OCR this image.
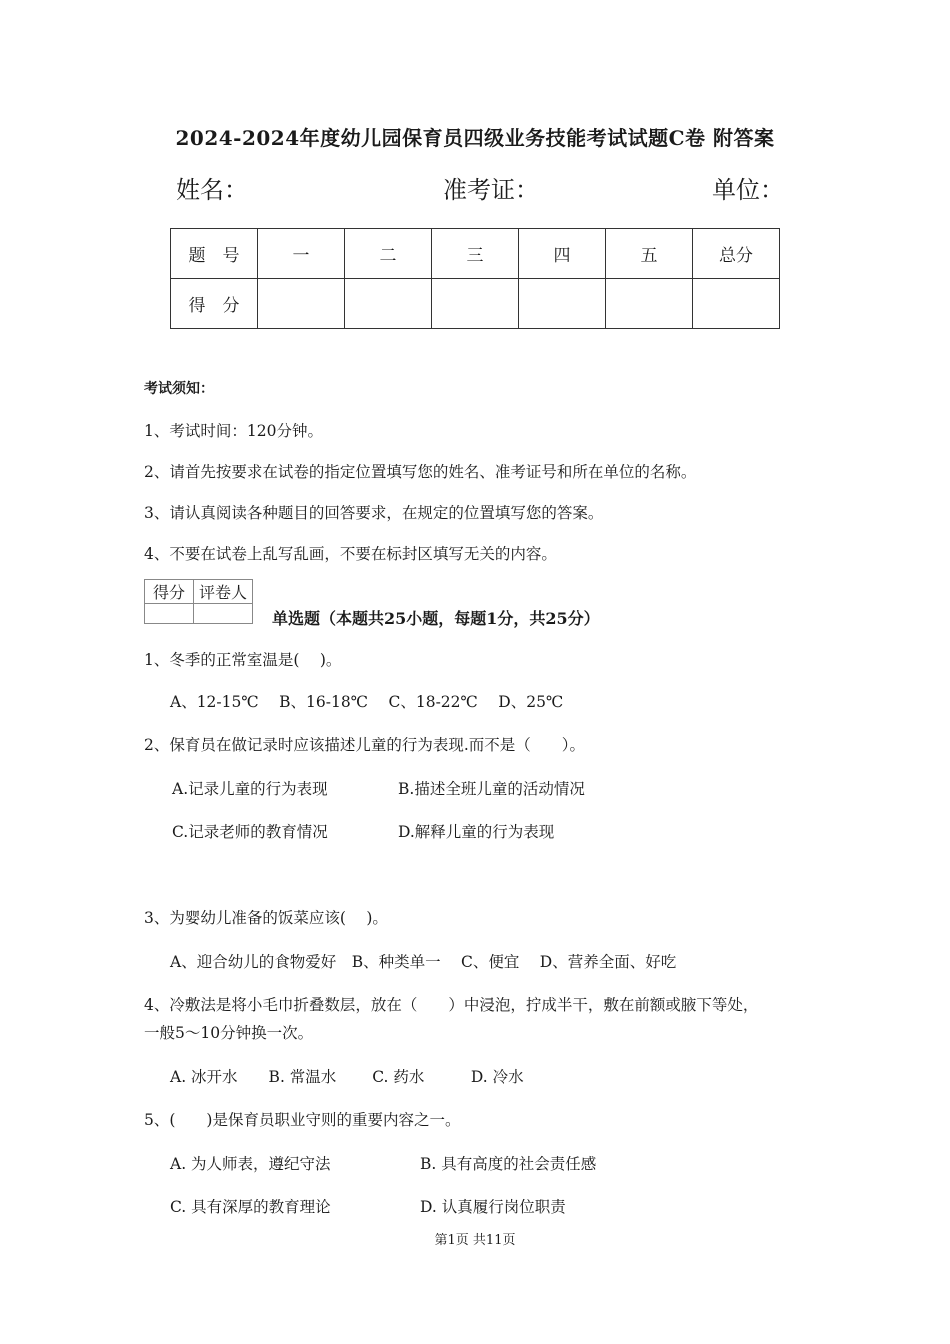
2024-2024年度幼儿园保育员四级业务技能考试试题C卷 附答案
姓名：	准考证：	单位：
题　号	一	二	三	四	五	总分
得　分						
考试须知：
1、考试时间：120分钟。
2、请首先按要求在试卷的指定位置填写您的姓名、准考证号和所在单位的名称。
3、请认真阅读各种题目的回答要求，在规定的位置填写您的答案。
4、不要在试卷上乱写乱画，不要在标封区填写无关的内容。
得分	评卷人

单选题（本题共25小题，每题1分，共25分）
1、冬季的正常室温是(　 )。
A、12-15℃　 B、16-18℃　 C、18-22℃　 D、25℃
2、保育员在做记录时应该描述儿童的行为表现.而不是（　　）。
A.记录儿童的行为表现	B.描述全班儿童的活动情况
C.记录老师的教育情况	D.解释儿童的行为表现
3、为婴幼儿准备的饭菜应该(　 )。
A、迎合幼儿的食物爱好　B、种类单一　 C、便宜　 D、营养全面、好吃
4、冷敷法是将小毛巾折叠数层，放在（　　）中浸泡，拧成半干，敷在前额或腋下等处，
一般5～10分钟换一次。
A. 冰开水　　B. 常温水　　 C. 药水　　　D. 冷水
5、(　　)是保育员职业守则的重要内容之一。
A. 为人师表，遵纪守法	B. 具有高度的社会责任感
C. 具有深厚的教育理论	D. 认真履行岗位职责
第1页 共11页
